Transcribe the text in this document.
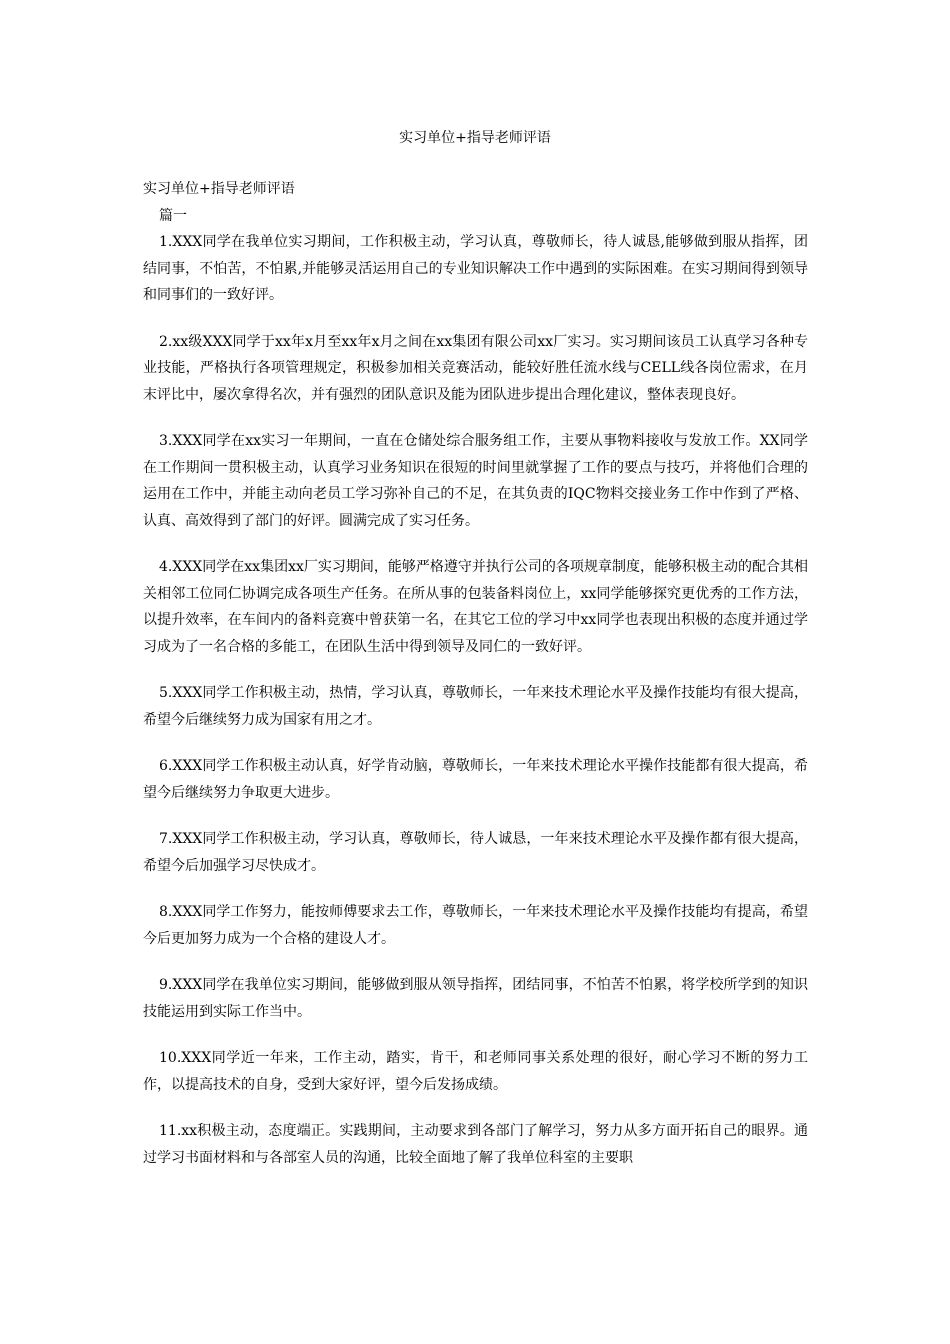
实习单位+指导老师评语

实习单位+指导老师评语

篇一

1.XXX同学在我单位实习期间，工作积极主动，学习认真，尊敬师长，待人诚恳,能够做到服从指挥，团结同事，不怕苦，不怕累,并能够灵活运用自己的专业知识解决工作中遇到的实际困难。在实习期间得到领导和同事们的一致好评。

2.xx级XXX同学于xx年x月至xx年x月之间在xx集团有限公司xx厂实习。实习期间该员工认真学习各种专业技能，严格执行各项管理规定，积极参加相关竞赛活动，能较好胜任流水线与CELL线各岗位需求，在月末评比中，屡次拿得名次，并有强烈的团队意识及能为团队进步提出合理化建议，整体表现良好。

3.XXX同学在xx实习一年期间，一直在仓储处综合服务组工作，主要从事物料接收与发放工作。XX同学在工作期间一贯积极主动，认真学习业务知识在很短的时间里就掌握了工作的要点与技巧，并将他们合理的运用在工作中，并能主动向老员工学习弥补自己的不足，在其负责的IQC物料交接业务工作中作到了严格、认真、高效得到了部门的好评。圆满完成了实习任务。

4.XXX同学在xx集团xx厂实习期间，能够严格遵守并执行公司的各项规章制度，能够积极主动的配合其相关相邻工位同仁协调完成各项生产任务。在所从事的包装备料岗位上，xx同学能够探究更优秀的工作方法，以提升效率，在车间内的备料竞赛中曾获第一名，在其它工位的学习中xx同学也表现出积极的态度并通过学习成为了一名合格的多能工，在团队生活中得到领导及同仁的一致好评。

5.XXX同学工作积极主动，热情，学习认真，尊敬师长，一年来技术理论水平及操作技能均有很大提高，希望今后继续努力成为国家有用之才。

6.XXX同学工作积极主动认真，好学肯动脑，尊敬师长，一年来技术理论水平操作技能都有很大提高，希望今后继续努力争取更大进步。

7.XXX同学工作积极主动，学习认真，尊敬师长，待人诚恳，一年来技术理论水平及操作都有很大提高，希望今后加强学习尽快成才。

8.XXX同学工作努力，能按师傅要求去工作，尊敬师长，一年来技术理论水平及操作技能均有提高，希望今后更加努力成为一个合格的建设人才。

9.XXX同学在我单位实习期间，能够做到服从领导指挥，团结同事，不怕苦不怕累，将学校所学到的知识技能运用到实际工作当中。

10.XXX同学近一年来，工作主动，踏实，肯干，和老师同事关系处理的很好，耐心学习不断的努力工作，以提高技术的自身，受到大家好评，望今后发扬成绩。

11.xx积极主动，态度端正。实践期间，主动要求到各部门了解学习，努力从多方面开拓自己的眼界。通过学习书面材料和与各部室人员的沟通，比较全面地了解了我单位科室的主要职
